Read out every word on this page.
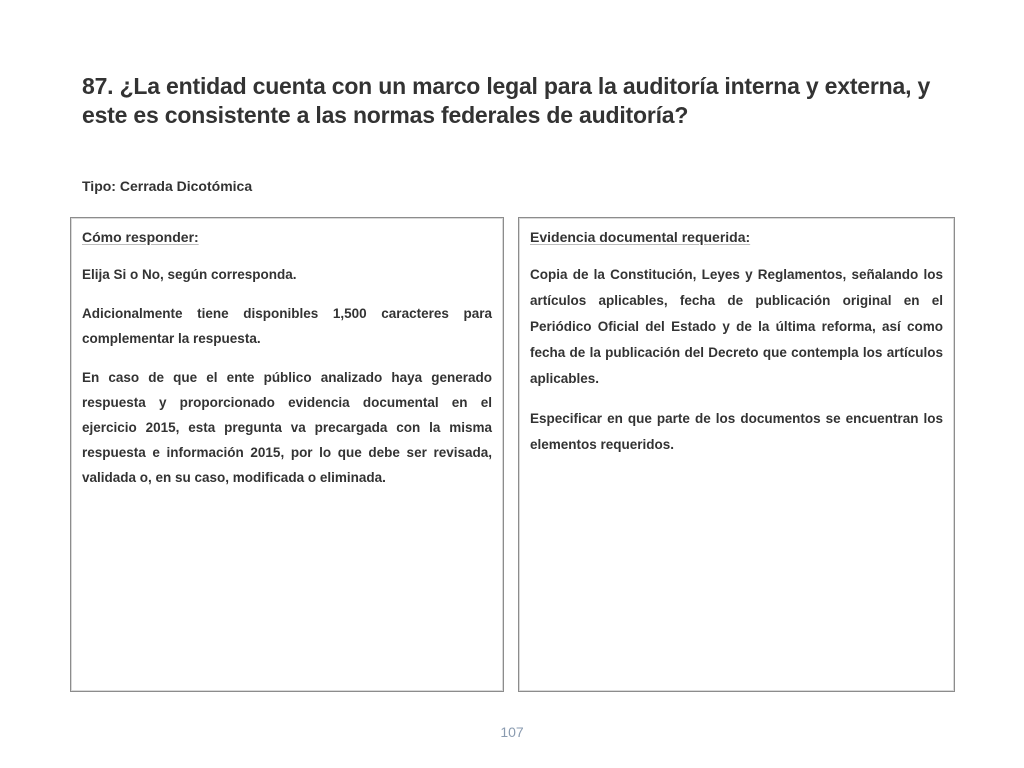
87. ¿La entidad cuenta con un marco legal para la auditoría interna y externa, y este es consistente a las normas federales de auditoría?

Tipo: Cerrada Dicotómica

Cómo responder:

Elija Si o No, según corresponda.

Adicionalmente tiene disponibles 1,500 caracteres para complementar la respuesta.

En caso de que el ente público analizado haya generado respuesta y proporcionado evidencia documental en el ejercicio 2015, esta pregunta va precargada con la misma respuesta e información 2015, por lo que debe ser revisada, validada o, en su caso, modificada o eliminada.

Evidencia documental requerida:

Copia de la Constitución, Leyes y Reglamentos, señalando los artículos aplicables, fecha de publicación original en el Periódico Oficial del Estado y de la última reforma, así como fecha de la publicación del Decreto que contempla los artículos aplicables.

Especificar en que parte de los documentos se encuentran los elementos requeridos.

107
